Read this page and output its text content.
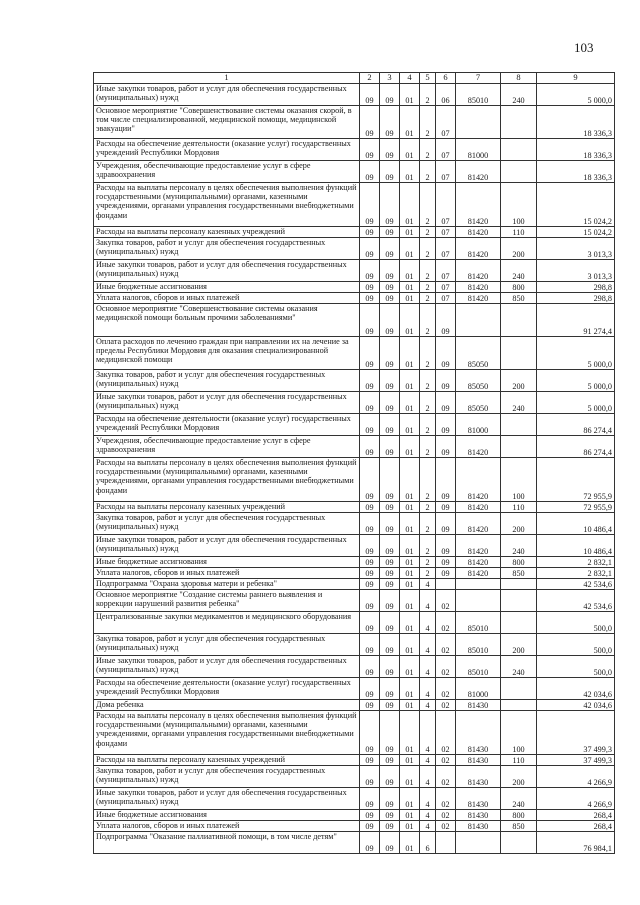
103
1	2	3	4	5	6	7	8	9
Иные закупки товаров, работ и услуг для обеспечения государственных (муниципальных) нужд	09	09	01	2	06	85010	240	5 000,0
Основное мероприятие "Совершенствование системы оказания скорой, в том числе специализированной, медицинской помощи, медицинской эвакуации"	09	09	01	2	07			18 336,3
Расходы на обеспечение деятельности (оказание услуг) государственных учреждений Республики Мордовия	09	09	01	2	07	81000		18 336,3
Учреждения, обеспечивающие предоставление услуг в сфере здравоохранения	09	09	01	2	07	81420		18 336,3
Расходы на выплаты персоналу в целях обеспечения выполнения функций государственными (муниципальными) органами, казенными учреждениями, органами управления государственными внебюджетными фондами	09	09	01	2	07	81420	100	15 024,2
Расходы на выплаты персоналу казенных учреждений	09	09	01	2	07	81420	110	15 024,2
Закупка товаров, работ и услуг для обеспечения государственных (муниципальных) нужд	09	09	01	2	07	81420	200	3 013,3
Иные закупки товаров, работ и услуг для обеспечения государственных (муниципальных) нужд	09	09	01	2	07	81420	240	3 013,3
Иные бюджетные ассигнования	09	09	01	2	07	81420	800	298,8
Уплата налогов, сборов и иных платежей	09	09	01	2	07	81420	850	298,8
Основное мероприятие "Совершенствование системы оказания медицинской помощи больным прочими заболеваниями"	09	09	01	2	09			91 274,4
Оплата расходов по лечению граждан при направлении их на лечение за пределы Республики Мордовия для оказания специализированной медицинской помощи	09	09	01	2	09	85050		5 000,0
Закупка товаров, работ и услуг для обеспечения государственных (муниципальных) нужд	09	09	01	2	09	85050	200	5 000,0
Иные закупки товаров, работ и услуг для обеспечения государственных (муниципальных) нужд	09	09	01	2	09	85050	240	5 000,0
Расходы на обеспечение деятельности (оказание услуг) государственных учреждений Республики Мордовия	09	09	01	2	09	81000		86 274,4
Учреждения, обеспечивающие предоставление услуг в сфере здравоохранения	09	09	01	2	09	81420		86 274,4
Расходы на выплаты персоналу в целях обеспечения выполнения функций государственными (муниципальными) органами, казенными учреждениями, органами управления государственными внебюджетными фондами	09	09	01	2	09	81420	100	72 955,9
Расходы на выплаты персоналу казенных учреждений	09	09	01	2	09	81420	110	72 955,9
Закупка товаров, работ и услуг для обеспечения государственных (муниципальных) нужд	09	09	01	2	09	81420	200	10 486,4
Иные закупки товаров, работ и услуг для обеспечения государственных (муниципальных) нужд	09	09	01	2	09	81420	240	10 486,4
Иные бюджетные ассигнования	09	09	01	2	09	81420	800	2 832,1
Уплата налогов, сборов и иных платежей	09	09	01	2	09	81420	850	2 832,1
Подпрограмма "Охрана здоровья матери и ребенка"	09	09	01	4				42 534,6
Основное мероприятие "Создание системы раннего выявления и коррекции нарушений развития ребенка"	09	09	01	4	02			42 534,6
Централизованные закупки медикаментов и медицинского оборудования	09	09	01	4	02	85010		500,0
Закупка товаров, работ и услуг для обеспечения государственных (муниципальных) нужд	09	09	01	4	02	85010	200	500,0
Иные закупки товаров, работ и услуг для обеспечения государственных (муниципальных) нужд	09	09	01	4	02	85010	240	500,0
Расходы на обеспечение деятельности (оказание услуг) государственных учреждений Республики Мордовия	09	09	01	4	02	81000		42 034,6
Дома ребенка	09	09	01	4	02	81430		42 034,6
Расходы на выплаты персоналу в целях обеспечения выполнения функций государственными (муниципальными) органами, казенными учреждениями, органами управления государственными внебюджетными фондами	09	09	01	4	02	81430	100	37 499,3
Расходы на выплаты персоналу казенных учреждений	09	09	01	4	02	81430	110	37 499,3
Закупка товаров, работ и услуг для обеспечения государственных (муниципальных) нужд	09	09	01	4	02	81430	200	4 266,9
Иные закупки товаров, работ и услуг для обеспечения государственных (муниципальных) нужд	09	09	01	4	02	81430	240	4 266,9
Иные бюджетные ассигнования	09	09	01	4	02	81430	800	268,4
Уплата налогов, сборов и иных платежей	09	09	01	4	02	81430	850	268,4
Подпрограмма "Оказание паллиативной помощи, в том числе детям"	09	09	01	6				76 984,1
